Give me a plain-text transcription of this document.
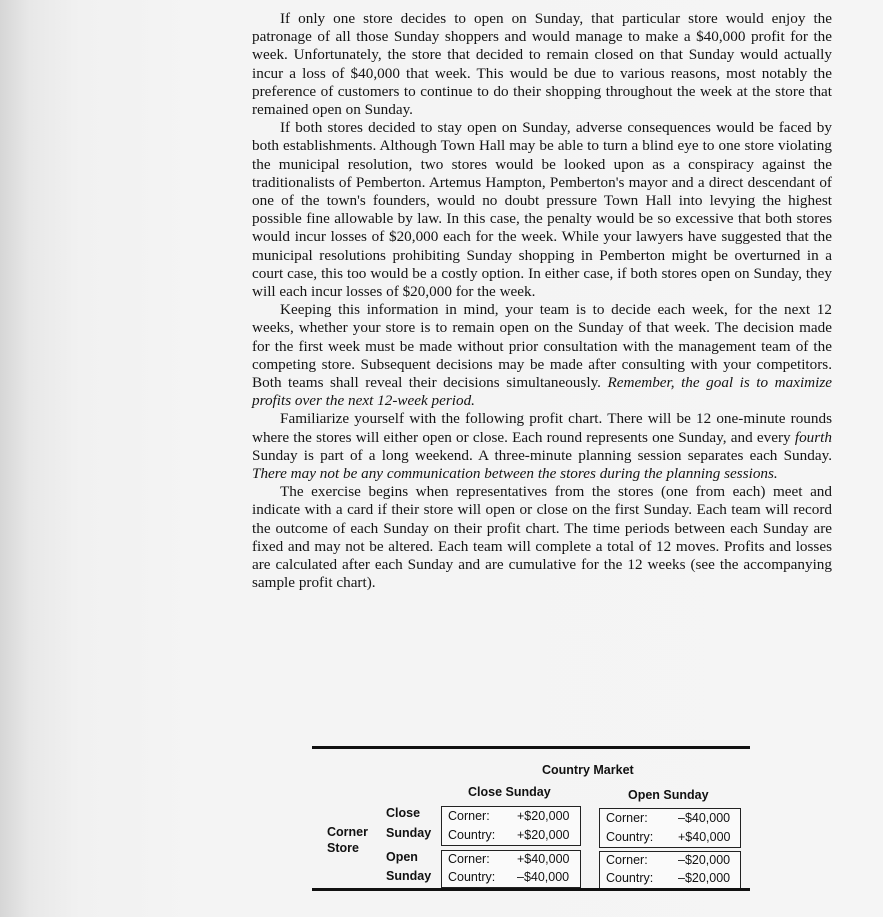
If only one store decides to open on Sunday, that particular store would enjoy the patronage of all those Sunday shoppers and would manage to make a $40,000 profit for the week. Unfortunately, the store that decided to remain closed on that Sunday would actually incur a loss of $40,000 that week. This would be due to various reasons, most notably the preference of customers to continue to do their shopping throughout the week at the store that remained open on Sunday.

If both stores decided to stay open on Sunday, adverse consequences would be faced by both establishments. Although Town Hall may be able to turn a blind eye to one store violating the municipal resolution, two stores would be looked upon as a conspiracy against the traditionalists of Pemberton. Artemus Hampton, Pemberton's mayor and a direct descendant of one of the town's founders, would no doubt pressure Town Hall into levying the highest possible fine allowable by law. In this case, the penalty would be so excessive that both stores would incur losses of $20,000 each for the week. While your lawyers have suggested that the municipal resolutions prohibiting Sunday shopping in Pemberton might be overturned in a court case, this too would be a costly option. In either case, if both stores open on Sunday, they will each incur losses of $20,000 for the week.

Keeping this information in mind, your team is to decide each week, for the next 12 weeks, whether your store is to remain open on the Sunday of that week. The decision made for the first week must be made without prior consultation with the management team of the competing store. Subsequent decisions may be made after consulting with your competitors. Both teams shall reveal their decisions simultaneously. Remember, the goal is to maximize profits over the next 12-week period.

Familiarize yourself with the following profit chart. There will be 12 one-minute rounds where the stores will either open or close. Each round represents one Sunday, and every fourth Sunday is part of a long weekend. A three-minute planning session separates each Sunday. There may not be any communication between the stores during the planning sessions.

The exercise begins when representatives from the stores (one from each) meet and indicate with a card if their store will open or close on the first Sunday. Each team will record the outcome of each Sunday on their profit chart. The time periods between each Sunday are fixed and may not be altered. Each team will complete a total of 12 moves. Profits and losses are calculated after each Sunday and are cumulative for the 12 weeks (see the accompanying sample profit chart).

Country Market
Close Sunday	Open Sunday
Corner
Store
Close
Sunday
Open
Sunday
Corner: +$20,000
Country: +$20,000
Corner: –$40,000
Country: +$40,000
Corner: +$40,000
Country: –$40,000
Corner: –$20,000
Country: –$20,000
